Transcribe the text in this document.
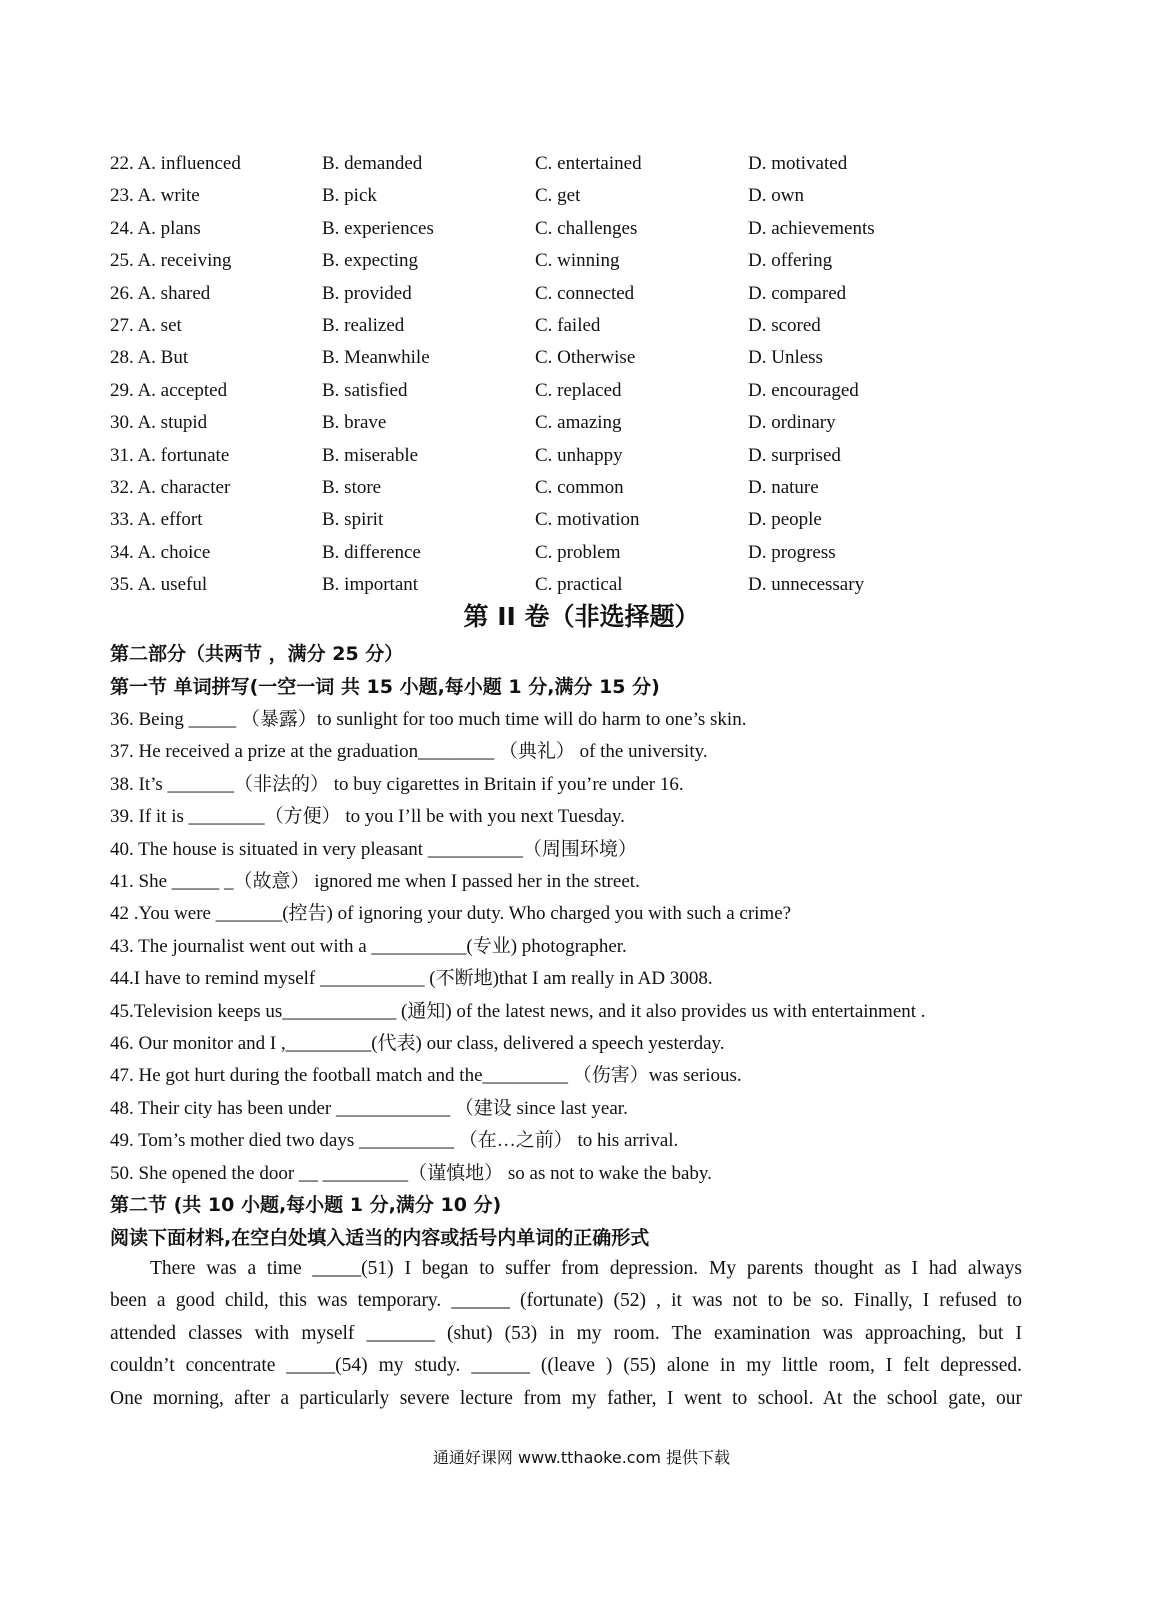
22. A. influenced	B. demanded	C. entertained	D. motivated
23. A. write	B. pick	C. get	D. own
24. A. plans	B. experiences	C. challenges	D. achievements
25. A. receiving	B. expecting	C. winning	D. offering
26. A. shared	B. provided	C. connected	D. compared
27. A. set	B. realized	C. failed	D. scored
28. A. But	B. Meanwhile	C. Otherwise	D. Unless
29. A. accepted	B. satisfied	C. replaced	D. encouraged
30. A. stupid	B. brave	C. amazing	D. ordinary
31. A. fortunate	B. miserable	C. unhappy	D. surprised
32. A. character	B. store	C. common	D. nature
33. A. effort	B. spirit	C. motivation	D. people
34. A. choice	B. difference	C. problem	D. progress
35. A. useful	B. important	C. practical	D. unnecessary
第 II 卷（非选择题）
第二部分（共两节 ，满分 25 分）
第一节 单词拼写(一空一词 共 15 小题,每小题 1 分,满分 15 分)
36. Being _____ （暴露）to sunlight for too much time will do harm to one’s skin.
37. He received a prize at the graduation________ （典礼） of the university.
38. It’s _______（非法的） to buy cigarettes in Britain if you’re under 16.
39. If it is ________（方便） to you I’ll be with you next Tuesday.
40. The house is situated in very pleasant __________（周围环境）
41. She _____ _（故意） ignored me when I passed her in the street.
42 .You were _______(控告) of ignoring your duty. Who charged you with such a crime?
43. The journalist went out with a __________(专业) photographer.
44.I have to remind myself ___________ (不断地)that I am really in AD 3008.
45.Television keeps us____________ (通知) of the latest news, and it also provides us with entertainment .
46. Our monitor and I ,_________(代表) our class, delivered a speech yesterday.
47. He got hurt during the football match and the_________ （伤害）was serious.
48. Their city has been under ____________ （建设 since last year.
49. Tom’s mother died two days __________ （在…之前） to his arrival.
50. She opened the door __ _________（谨慎地） so as not to wake the baby.
第二节 (共 10 小题,每小题 1 分,满分 10 分)
阅读下面材料,在空白处填入适当的内容或括号内单词的正确形式
There was a time _____(51) I began to suffer from depression. My parents thought as I had always
been a good child, this was temporary. ______ (fortunate) (52) , it was not to be so. Finally, I refused to
attended classes with myself _______ (shut) (53) in my room. The examination was approaching, but I
couldn’t concentrate _____(54) my study. ______ ((leave ) (55) alone in my little room, I felt depressed.
One morning, after a particularly severe lecture from my father, I went to school. At the school gate, our
通通好课网 www.tthaoke.com 提供下载
